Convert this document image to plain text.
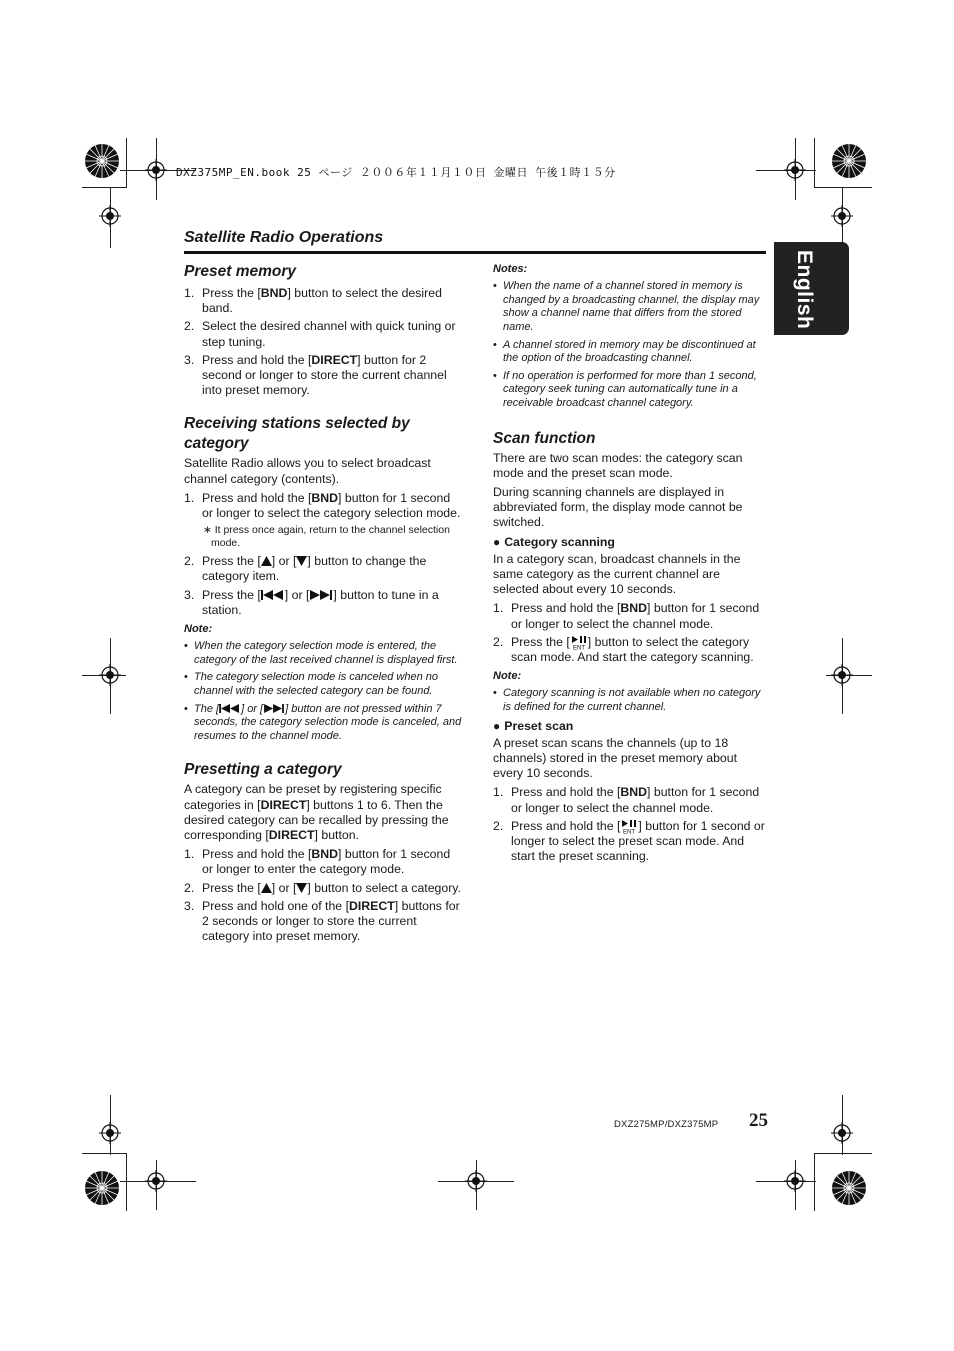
DXZ375MP_EN.book 25 ページ ２００６年１１月１０日 金曜日 午後１時１５分
Satellite Radio Operations
English
Preset memory
1. Press the [BND] button to select the desired band.
2. Select the desired channel with quick tuning or step tuning.
3. Press and hold the [DIRECT] button for 2 second or longer to store the current channel into preset memory.
Receiving stations selected by category

Satellite Radio allows you to select broadcast channel category (contents).

1. Press and hold the [BND] button for 1 second or longer to select the category selection mode.
∗ It press once again, return to the channel selection mode.
2. Press the [ ] or [ ] button to change the category item.
3. Press the [ ] or [ ] button to tune in a station.
Note:
• When the category selection mode is entered, the category of the last received channel is displayed first.
• The category selection mode is canceled when no channel with the selected category can be found.
• The [ ] or [ ] button are not pressed within 7 seconds, the category selection mode is canceled, and resumes to the channel mode.
Presetting a category

A category can be preset by registering specific categories in [DIRECT] buttons 1 to 6. Then the desired category can be recalled by pressing the corresponding [DIRECT] button.

1. Press and hold the [BND] button for 1 second or longer to enter the category mode.
2. Press the [ ] or [ ] button to select a category.
3. Press and hold one of the [DIRECT] buttons for 2 seconds or longer to store the current category into preset memory.
Notes:
• When the name of a channel stored in memory is changed by a broadcasting channel, the display may show a channel name that differs from the stored name.
• A channel stored in memory may be discontinued at the option of the broadcasting channel.
• If no operation is performed for more than 1 second, category seek tuning can automatically tune in a receivable broadcast channel category.
Scan function

There are two scan modes: the category scan mode and the preset scan mode.

During scanning channels are displayed in abbreviated form, the display mode cannot be switched.

● Category scanning

In a category scan, broadcast channels in the same category as the current channel are selected about every 10 seconds.

1. Press and hold the [BND] button for 1 second or longer to select the channel mode.
2. Press the [ ENT ] button to select the category scan mode. And start the category scanning.
Note:
• Category scanning is not available when no category is defined for the current channel.
● Preset scan

A preset scan scans the channels (up to 18 channels) stored in the preset memory about every 10 seconds.

1. Press and hold the [BND] button for 1 second or longer to select the channel mode.
2. Press and hold the [ ENT ] button for 1 second or longer to select the preset scan mode. And start the preset scanning.
DXZ275MP/DXZ375MP 25
